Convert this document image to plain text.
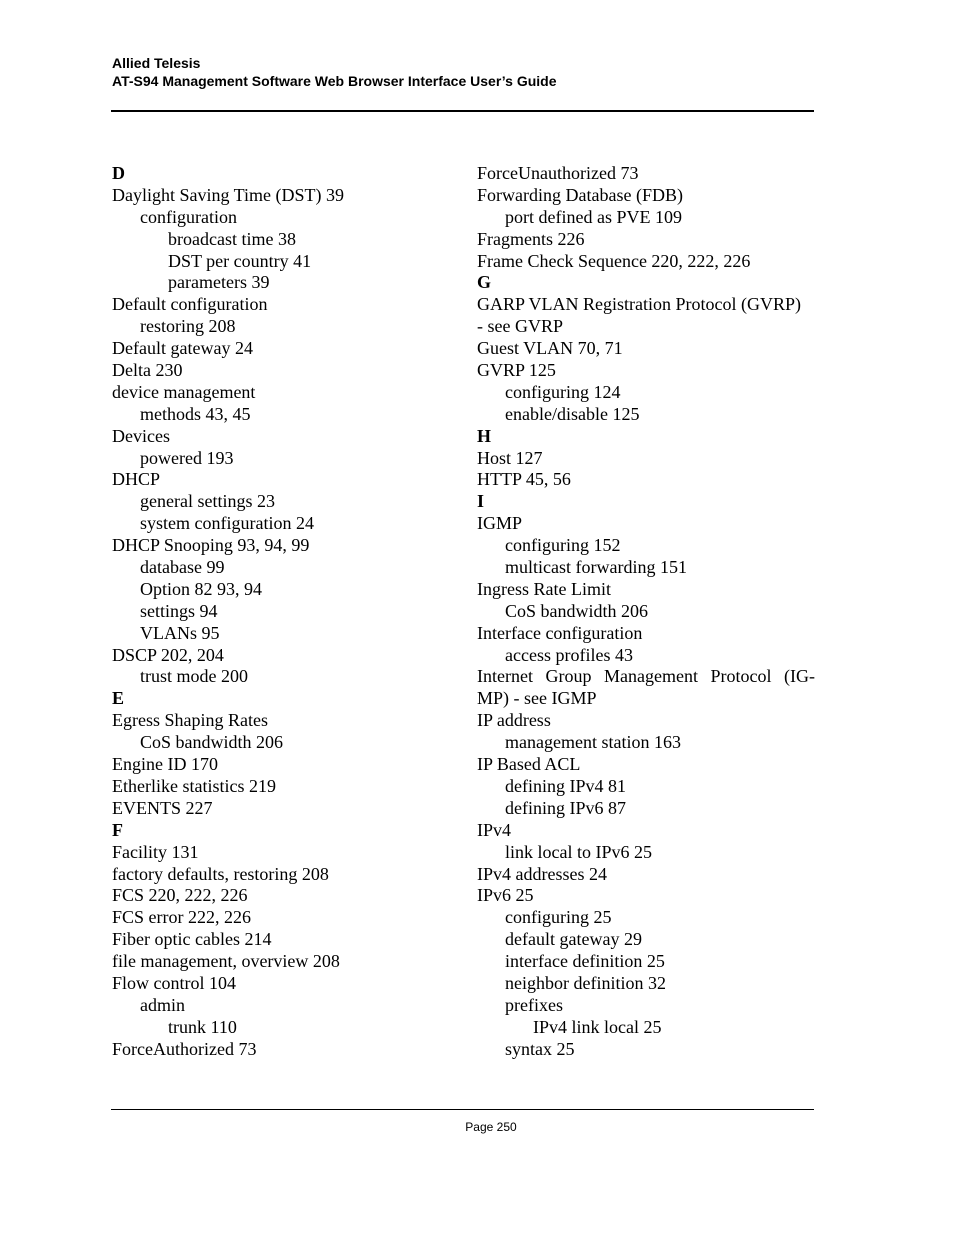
Allied Telesis
AT-S94 Management Software Web Browser Interface User’s Guide
D
Daylight Saving Time (DST) 39
configuration
broadcast time 38
DST per country 41
parameters 39
Default configuration
restoring 208
Default gateway 24
Delta 230
device management
methods 43, 45
Devices
powered 193
DHCP
general settings 23
system configuration 24
DHCP Snooping 93, 94, 99
database 99
Option 82 93, 94
settings 94
VLANs 95
DSCP 202, 204
trust mode 200
E
Egress Shaping Rates
CoS bandwidth 206
Engine ID 170
Etherlike statistics 219
EVENTS 227
F
Facility 131
factory defaults, restoring 208
FCS 220, 222, 226
FCS error 222, 226
Fiber optic cables 214
file management, overview 208
Flow control 104
admin
trunk 110
ForceAuthorized 73
ForceUnauthorized 73
Forwarding Database (FDB)
port defined as PVE 109
Fragments 226
Frame Check Sequence 220, 222, 226
G
GARP VLAN Registration Protocol (GVRP)
- see GVRP
Guest VLAN 70, 71
GVRP 125
configuring 124
enable/disable 125
H
Host 127
HTTP 45, 56
I
IGMP
configuring 152
multicast forwarding 151
Ingress Rate Limit
CoS bandwidth 206
Interface configuration
access profiles 43
Internet Group Management Protocol (IG-
MP) - see IGMP
IP address
management station 163
IP Based ACL
defining IPv4 81
defining IPv6 87
IPv4
link local to IPv6 25
IPv4 addresses 24
IPv6 25
configuring 25
default gateway 29
interface definition 25
neighbor definition 32
prefixes
IPv4 link local 25
syntax 25
Page 250
